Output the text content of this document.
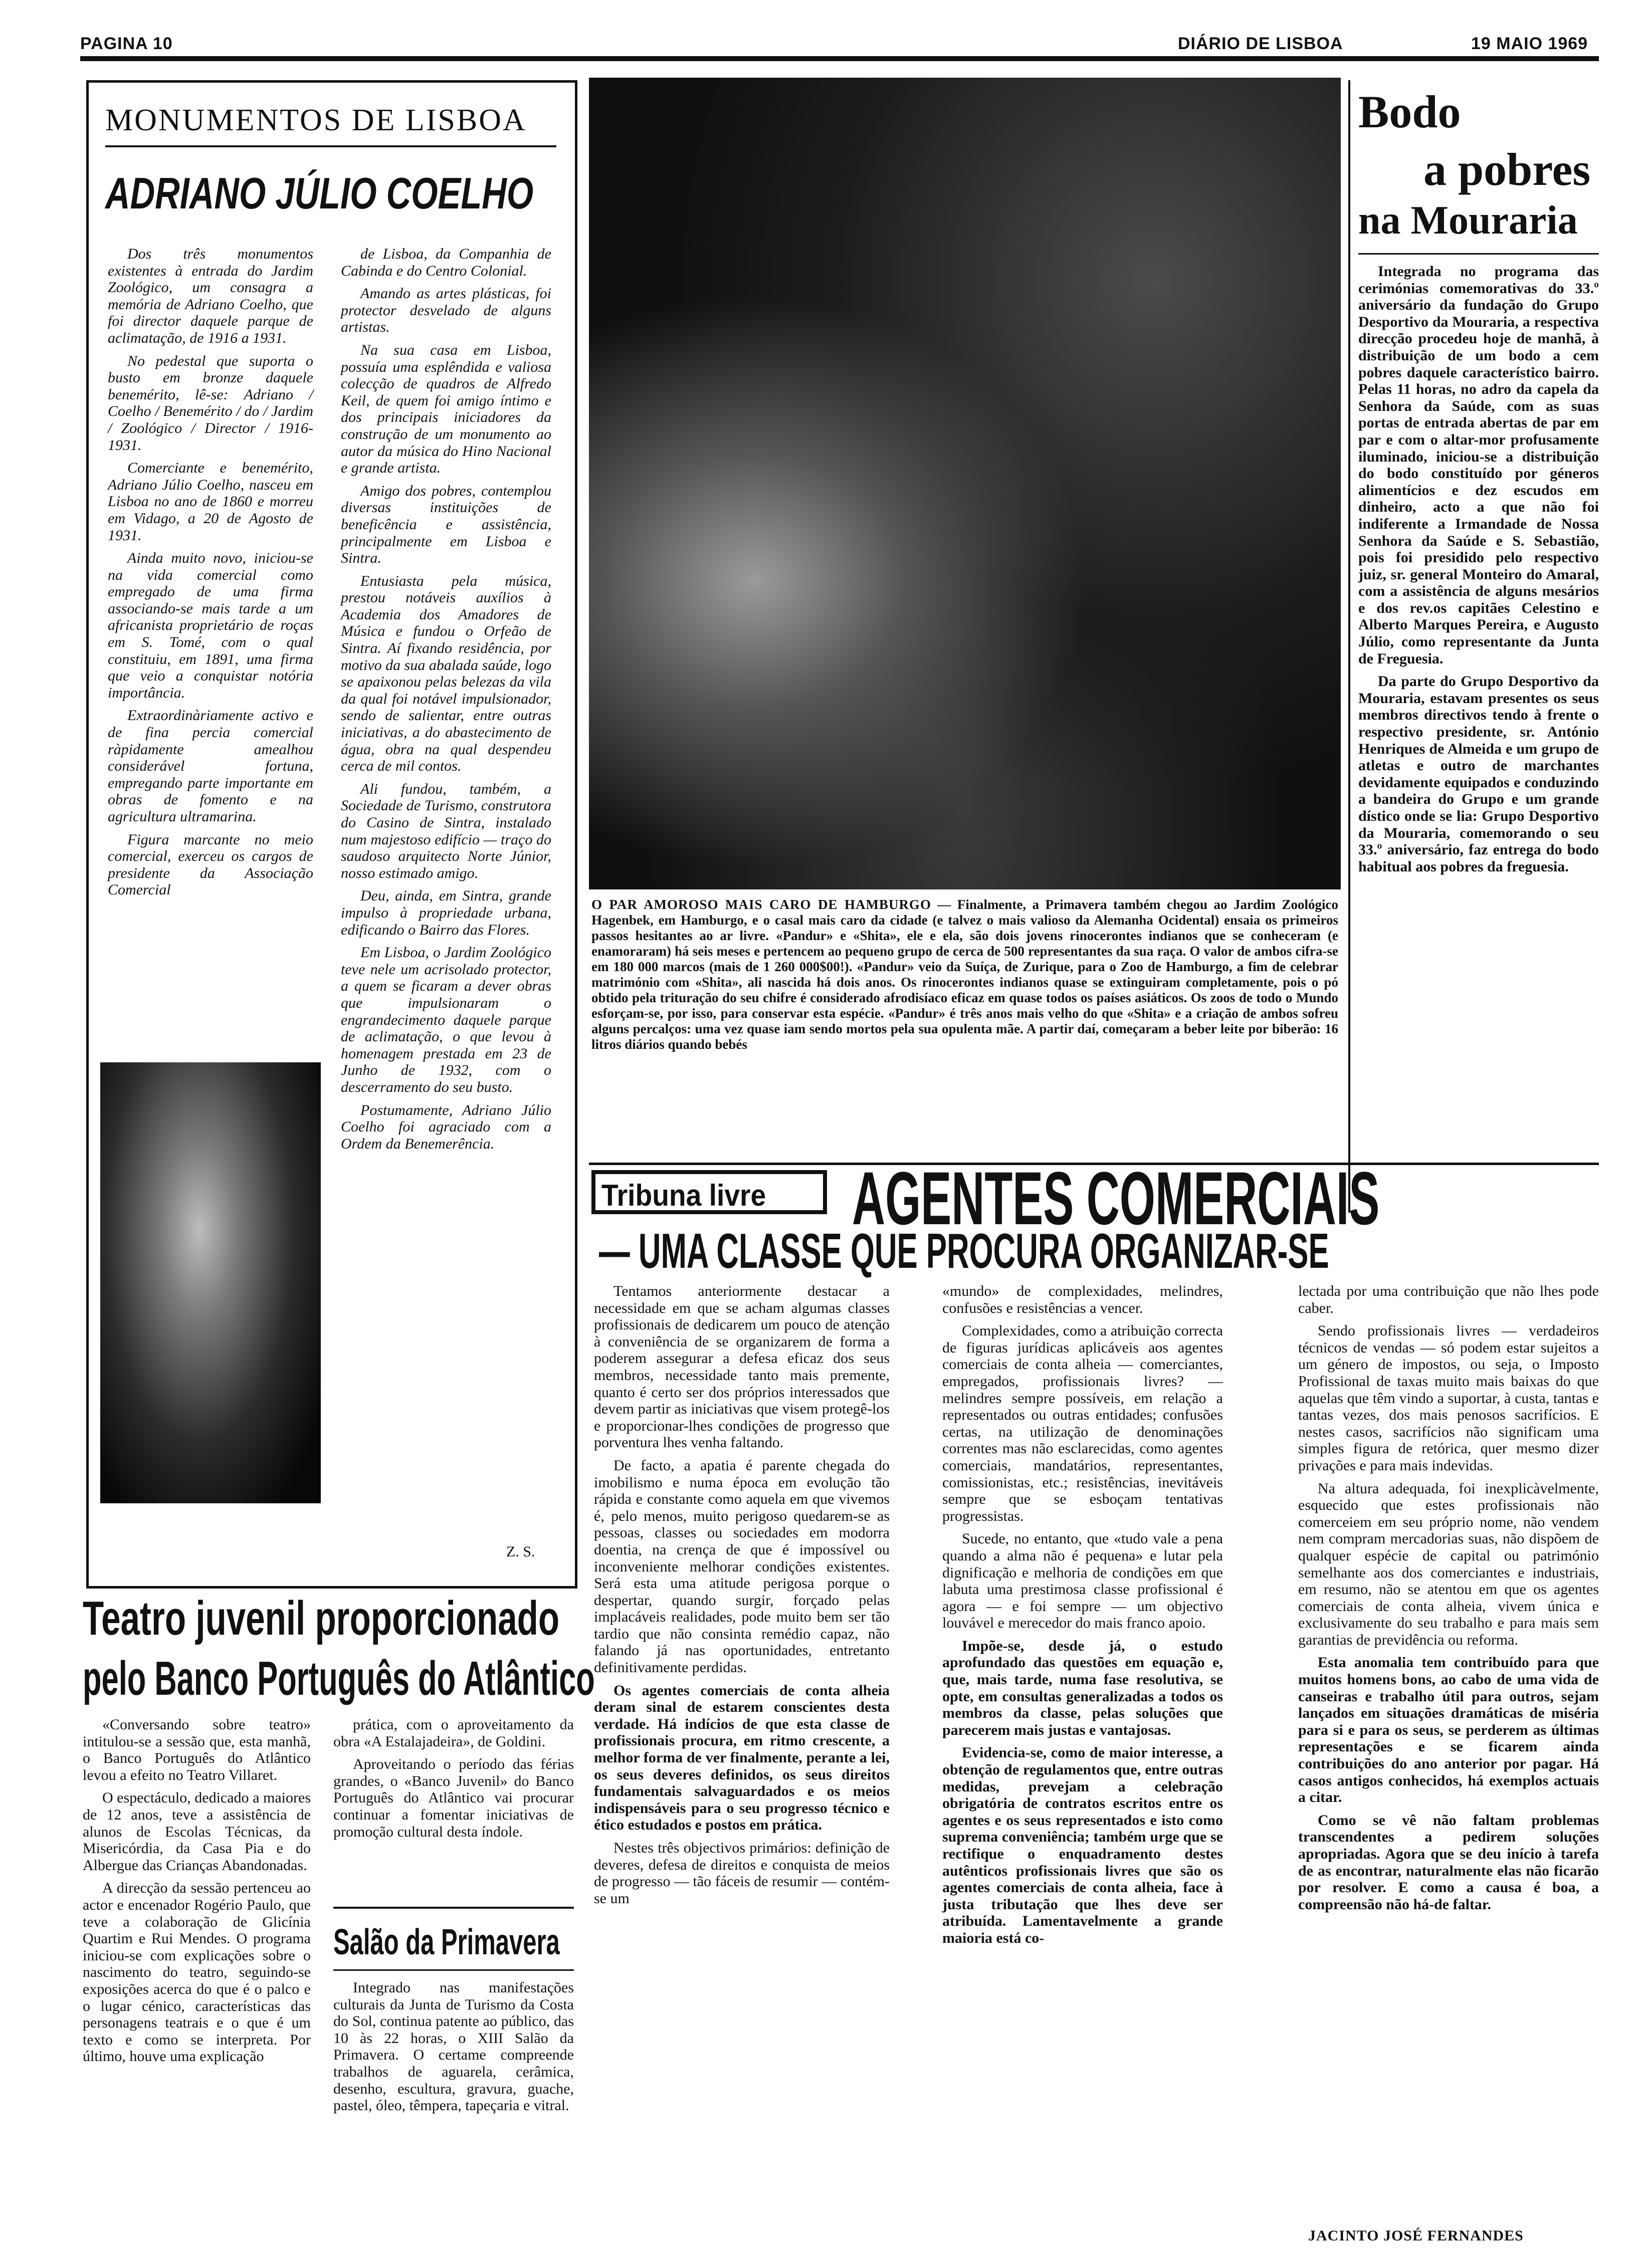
PAGINA 10	DIÁRIO DE LISBOA	19 MAIO 1969
MONUMENTOS DE LISBOA
ADRIANO JÚLIO COELHO

Dos três monumentos existentes à entrada do Jardim Zoológico, um consagra a memória de Adriano Coelho, que foi director daquele parque de aclimatação, de 1916 a 1931.

No pedestal que suporta o busto em bronze daquele benemérito, lê-se: Adriano / Coelho / Benemérito / do / Jardim / Zoológico / Director / 1916-1931.

Comerciante e benemérito, Adriano Júlio Coelho, nasceu em Lisboa no ano de 1860 e morreu em Vidago, a 20 de Agosto de 1931.

Ainda muito novo, iniciou-se na vida comercial como empregado de uma firma associando-se mais tarde a um africanista proprietário de roças em S. Tomé, com o qual constituiu, em 1891, uma firma que veio a conquistar notória importância.

Extraordinàriamente activo e de fina percia comercial ràpidamente amealhou considerável fortuna, empregando parte importante em obras de fomento e na agricultura ultramarina.

Figura marcante no meio comercial, exerceu os cargos de presidente da Associação Comercial

de Lisboa, da Companhia de Cabinda e do Centro Colonial.

Amando as artes plásticas, foi protector desvelado de alguns artistas.

Na sua casa em Lisboa, possuía uma esplêndida e valiosa colecção de quadros de Alfredo Keil, de quem foi amigo íntimo e dos principais iniciadores da construção de um monumento ao autor da música do Hino Nacional e grande artista.

Amigo dos pobres, contemplou diversas instituições de beneficência e assistência, principalmente em Lisboa e Sintra.

Entusiasta pela música, prestou notáveis auxílios à Academia dos Amadores de Música e fundou o Orfeão de Sintra. Aí fixando residência, por motivo da sua abalada saúde, logo se apaixonou pelas belezas da vila da qual foi notável impulsionador, sendo de salientar, entre outras iniciativas, a do abastecimento de água, obra na qual despendeu cerca de mil contos.

Ali fundou, também, a Sociedade de Turismo, construtora do Casino de Sintra, instalado num majestoso edifício — traço do saudoso arquitecto Norte Júnior, nosso estimado amigo.

Deu, ainda, em Sintra, grande impulso à propriedade urbana, edificando o Bairro das Flores.

Em Lisboa, o Jardim Zoológico teve nele um acrisolado protector, a quem se ficaram a dever obras que impulsionaram o engrandecimento daquele parque de aclimatação, o que levou à homenagem prestada em 23 de Junho de 1932, com o descerramento do seu busto.

Postumamente, Adriano Júlio Coelho foi agraciado com a Ordem da Benemerência.

Z. S.
Teatro juvenil proporcionado
pelo Banco Português do Atlântico

«Conversando sobre teatro» intitulou-se a sessão que, esta manhã, o Banco Português do Atlântico levou a efeito no Teatro Villaret.

O espectáculo, dedicado a maiores de 12 anos, teve a assistência de alunos de Escolas Técnicas, da Misericórdia, da Casa Pia e do Albergue das Crianças Abandonadas.

A direcção da sessão pertenceu ao actor e encenador Rogério Paulo, que teve a colaboração de Glicínia Quartim e Rui Mendes. O programa iniciou-se com explicações sobre o nascimento do teatro, seguindo-se exposições acerca do que é o palco e o lugar cénico, características das personagens teatrais e o que é um texto e como se interpreta. Por último, houve uma explicação

prática, com o aproveitamento da obra «A Estalajadeira», de Goldini.

Aproveitando o período das férias grandes, o «Banco Juvenil» do Banco Português do Atlântico vai procurar continuar a fomentar iniciativas de promoção cultural desta índole.

Salão da Primavera

Integrado nas manifestações culturais da Junta de Turismo da Costa do Sol, continua patente ao público, das 10 às 22 horas, o XIII Salão da Primavera. O certame compreende trabalhos de aguarela, cerâmica, desenho, escultura, gravura, guache, pastel, óleo, têmpera, tapeçaria e vitral.

O PAR AMOROSO MAIS CARO DE HAMBURGO — Finalmente, a Primavera também chegou ao Jardim Zoológico Hagenbek, em Hamburgo, e o casal mais caro da cidade (e talvez o mais valioso da Alemanha Ocidental) ensaia os primeiros passos hesitantes ao ar livre. «Pandur» e «Shita», ele e ela, são dois jovens rinocerontes indianos que se conheceram (e enamoraram) há seis meses e pertencem ao pequeno grupo de cerca de 500 representantes da sua raça. O valor de ambos cifra-se em 180 000 marcos (mais de 1 260 000$00!). «Pandur» veio da Suíça, de Zurique, para o Zoo de Hamburgo, a fim de celebrar matrimónio com «Shita», ali nascida há dois anos. Os rinocerontes indianos quase se extinguiram completamente, pois o pó obtido pela trituração do seu chifre é considerado afrodisíaco eficaz em quase todos os países asiáticos. Os zoos de todo o Mundo esforçam-se, por isso, para conservar esta espécie. «Pandur» é três anos mais velho do que «Shita» e a criação de ambos sofreu alguns percalços: uma vez quase iam sendo mortos pela sua opulenta mãe. A partir daí, começaram a beber leite por biberão: 16 litros diários quando bebés
Bodo
a pobres
na Mouraria

Integrada no programa das cerimónias comemorativas do 33.º aniversário da fundação do Grupo Desportivo da Mouraria, a respectiva direcção procedeu hoje de manhã, à distribuição de um bodo a cem pobres daquele característico bairro. Pelas 11 horas, no adro da capela da Senhora da Saúde, com as suas portas de entrada abertas de par em par e com o altar-mor profusamente iluminado, iniciou-se a distribuição do bodo constituído por géneros alimentícios e dez escudos em dinheiro, acto a que não foi indiferente a Irmandade de Nossa Senhora da Saúde e S. Sebastião, pois foi presidido pelo respectivo juiz, sr. general Monteiro do Amaral, com a assistência de alguns mesários e dos rev.os capitães Celestino e Alberto Marques Pereira, e Augusto Júlio, como representante da Junta de Freguesia.

Da parte do Grupo Desportivo da Mouraria, estavam presentes os seus membros directivos tendo à frente o respectivo presidente, sr. António Henriques de Almeida e um grupo de atletas e outro de marchantes devidamente equipados e conduzindo a bandeira do Grupo e um grande dístico onde se lia: Grupo Desportivo da Mouraria, comemorando o seu 33.º aniversário, faz entrega do bodo habitual aos pobres da freguesia.

Tribuna livre AGENTES COMERCIAIS
— UMA CLASSE QUE PROCURA ORGANIZAR-SE

Tentamos anteriormente destacar a necessidade em que se acham algumas classes profissionais de dedicarem um pouco de atenção à conveniência de se organizarem de forma a poderem assegurar a defesa eficaz dos seus membros, necessidade tanto mais premente, quanto é certo ser dos próprios interessados que devem partir as iniciativas que visem protegê-los e proporcionar-lhes condições de progresso que porventura lhes venha faltando.

De facto, a apatia é parente chegada do imobilismo e numa época em evolução tão rápida e constante como aquela em que vivemos é, pelo menos, muito perigoso quedarem-se as pessoas, classes ou sociedades em modorra doentia, na crença de que é impossível ou inconveniente melhorar condições existentes. Será esta uma atitude perigosa porque o despertar, quando surgir, forçado pelas implacáveis realidades, pode muito bem ser tão tardio que não consinta remédio capaz, não falando já nas oportunidades, entretanto definitivamente perdidas.

Os agentes comerciais de conta alheia deram sinal de estarem conscientes desta verdade. Há indícios de que esta classe de profissionais procura, em ritmo crescente, a melhor forma de ver finalmente, perante a lei, os seus deveres definidos, os seus direitos fundamentais salvaguardados e os meios indispensáveis para o seu progresso técnico e ético estudados e postos em prática.

Nestes três objectivos primários: definição de deveres, defesa de direitos e conquista de meios de progresso — tão fáceis de resumir — contém-se um

«mundo» de complexidades, melindres, confusões e resistências a vencer.

Complexidades, como a atribuição correcta de figuras jurídicas aplicáveis aos agentes comerciais de conta alheia — comerciantes, empregados, profissionais livres? — melindres sempre possíveis, em relação a representados ou outras entidades; confusões certas, na utilização de denominações correntes mas não esclarecidas, como agentes comerciais, mandatários, representantes, comissionistas, etc.; resistências, inevitáveis sempre que se esboçam tentativas progressistas.

Sucede, no entanto, que «tudo vale a pena quando a alma não é pequena» e lutar pela dignificação e melhoria de condições em que labuta uma prestimosa classe profissional é agora — e foi sempre — um objectivo louvável e merecedor do mais franco apoio.

Impõe-se, desde já, o estudo aprofundado das questões em equação e, que, mais tarde, numa fase resolutiva, se opte, em consultas generalizadas a todos os membros da classe, pelas soluções que parecerem mais justas e vantajosas.

Evidencia-se, como de maior interesse, a obtenção de regulamentos que, entre outras medidas, prevejam a celebração obrigatória de contratos escritos entre os agentes e os seus representados e isto como suprema conveniência; também urge que se rectifique o enquadramento destes autênticos profissionais livres que são os agentes comerciais de conta alheia, face à justa tributação que lhes deve ser atribuída. Lamentavelmente a grande maioria está co-

lectada por uma contribuição que não lhes pode caber.

Sendo profissionais livres — verdadeiros técnicos de vendas — só podem estar sujeitos a um género de impostos, ou seja, o Imposto Profissional de taxas muito mais baixas do que aquelas que têm vindo a suportar, à custa, tantas e tantas vezes, dos mais penosos sacrifícios. E nestes casos, sacrifícios não significam uma simples figura de retórica, quer mesmo dizer privações e para mais indevidas.

Na altura adequada, foi inexplicàvelmente, esquecido que estes profissionais não comerceiem em seu próprio nome, não vendem nem compram mercadorias suas, não dispõem de qualquer espécie de capital ou património semelhante aos dos comerciantes e industriais, em resumo, não se atentou em que os agentes comerciais de conta alheia, vivem única e exclusivamente do seu trabalho e para mais sem garantias de previdência ou reforma.

Esta anomalia tem contribuído para que muitos homens bons, ao cabo de uma vida de canseiras e trabalho útil para outros, sejam lançados em situações dramáticas de miséria para si e para os seus, se perderem as últimas representações e se ficarem ainda contribuições do ano anterior por pagar. Há casos antigos conhecidos, há exemplos actuais a citar.

Como se vê não faltam problemas transcendentes a pedirem soluções apropriadas. Agora que se deu início à tarefa de as encontrar, naturalmente elas não ficarão por resolver. E como a causa é boa, a compreensão não há-de faltar.

JACINTO JOSÉ FERNANDES
